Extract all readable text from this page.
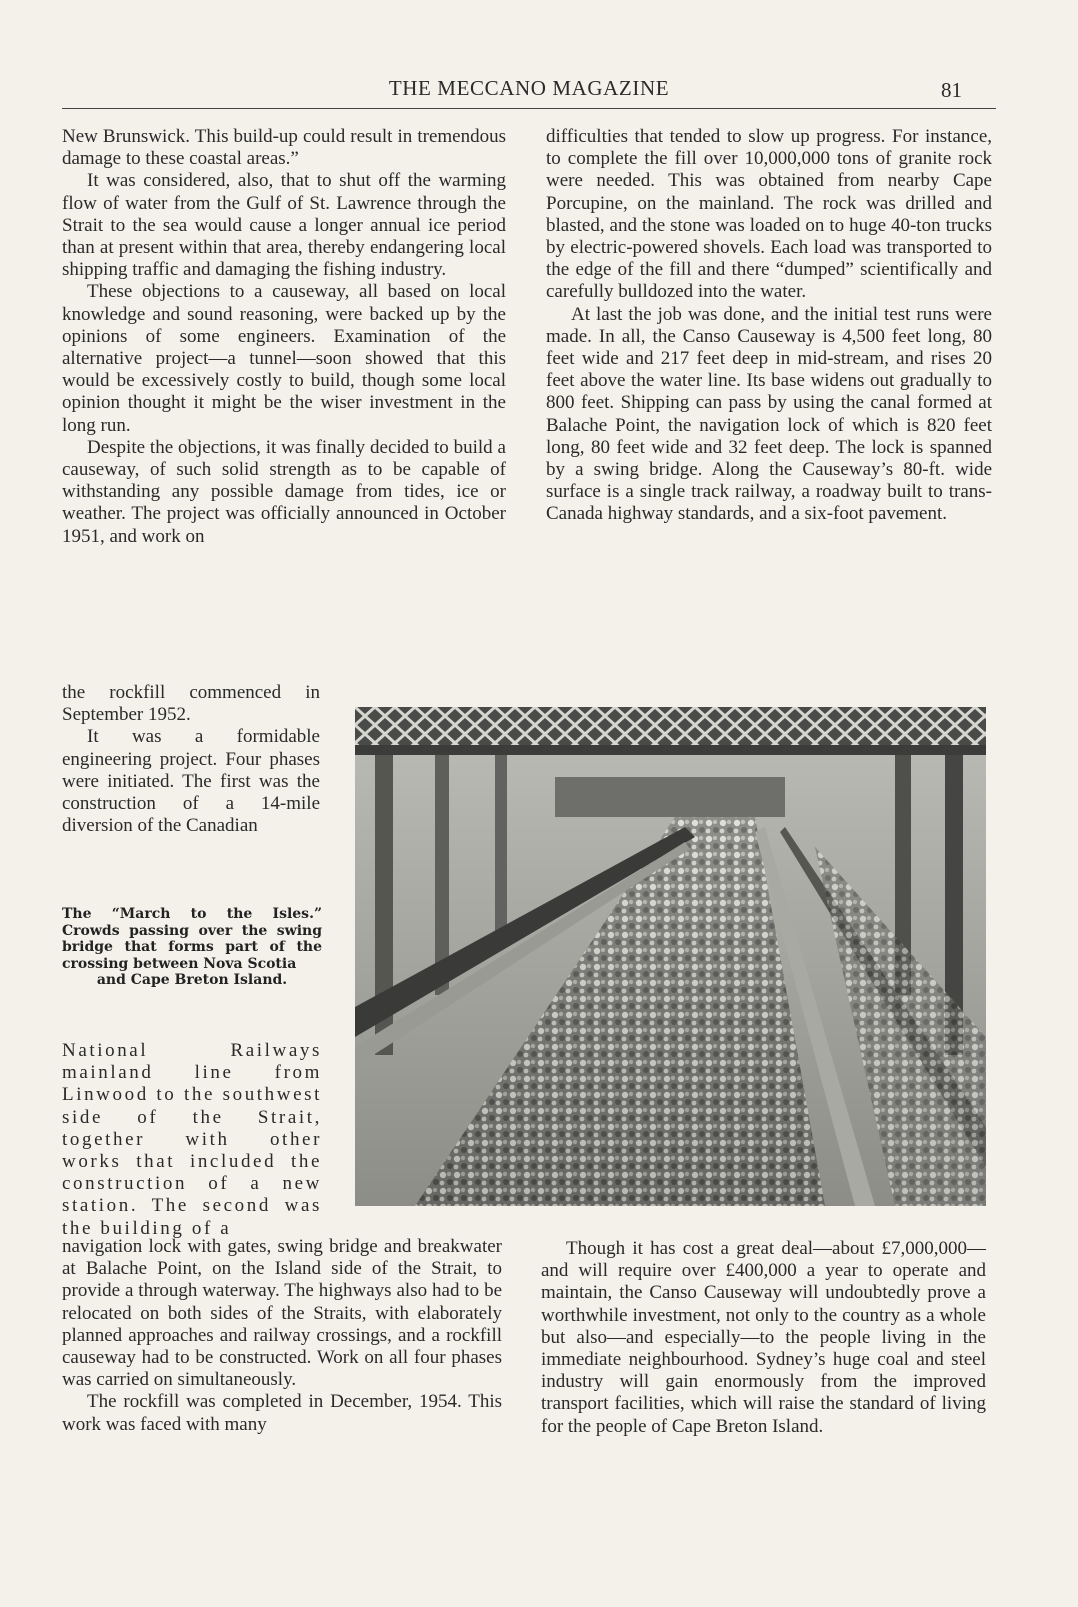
THE MECCANO MAGAZINE	81

New Brunswick. This build-up could result in tremendous damage to these coastal areas.”

It was considered, also, that to shut off the warming flow of water from the Gulf of St. Lawrence through the Strait to the sea would cause a longer annual ice period than at present within that area, thereby endangering local shipping traffic and damaging the fishing industry.

These objections to a causeway, all based on local knowledge and sound reasoning, were backed up by the opinions of some engineers. Examination of the alternative project—a tunnel—soon showed that this would be excessively costly to build, though some local opinion thought it might be the wiser investment in the long run.

Despite the objections, it was finally decided to build a causeway, of such solid strength as to be capable of withstanding any possible damage from tides, ice or weather. The project was officially announced in October 1951, and work on

the rockfill commenced in September 1952.

It was a formidable engineering project. Four phases were initiated. The first was the construction of a 14-mile diversion of the Canadian

The “March to the Isles.” Crowds passing over the swing bridge that forms part of the crossing between Nova Scotia
and Cape Breton Island.

National Railways mainland line from Linwood to the southwest side of the Strait, together with other works that included the construction of a new station. The second was the building of a

navigation lock with gates, swing bridge and breakwater at Balache Point, on the Island side of the Strait, to provide a through waterway. The highways also had to be relocated on both sides of the Straits, with elaborately planned approaches and railway crossings, and a rockfill causeway had to be constructed. Work on all four phases was carried on simultaneously.

The rockfill was completed in December, 1954. This work was faced with many

difficulties that tended to slow up progress. For instance, to complete the fill over 10,000,000 tons of granite rock were needed. This was obtained from nearby Cape Porcupine, on the mainland. The rock was drilled and blasted, and the stone was loaded on to huge 40-ton trucks by electric-powered shovels. Each load was transported to the edge of the fill and there “dumped” scientifically and carefully bulldozed into the water.

At last the job was done, and the initial test runs were made. In all, the Canso Causeway is 4,500 feet long, 80 feet wide and 217 feet deep in mid-stream, and rises 20 feet above the water line. Its base widens out gradually to 800 feet. Shipping can pass by using the canal formed at Balache Point, the navigation lock of which is 820 feet long, 80 feet wide and 32 feet deep. The lock is spanned by a swing bridge. Along the Causeway’s 80-ft. wide surface is a single track railway, a roadway built to trans-Canada highway standards, and a six-foot pavement.

Though it has cost a great deal—about £7,000,000—and will require over £400,000 a year to operate and maintain, the Canso Causeway will undoubtedly prove a worthwhile investment, not only to the country as a whole but also—and especially—to the people living in the immediate neighbourhood. Sydney’s huge coal and steel industry will gain enormously from the improved transport facilities, which will raise the standard of living for the people of Cape Breton Island.
